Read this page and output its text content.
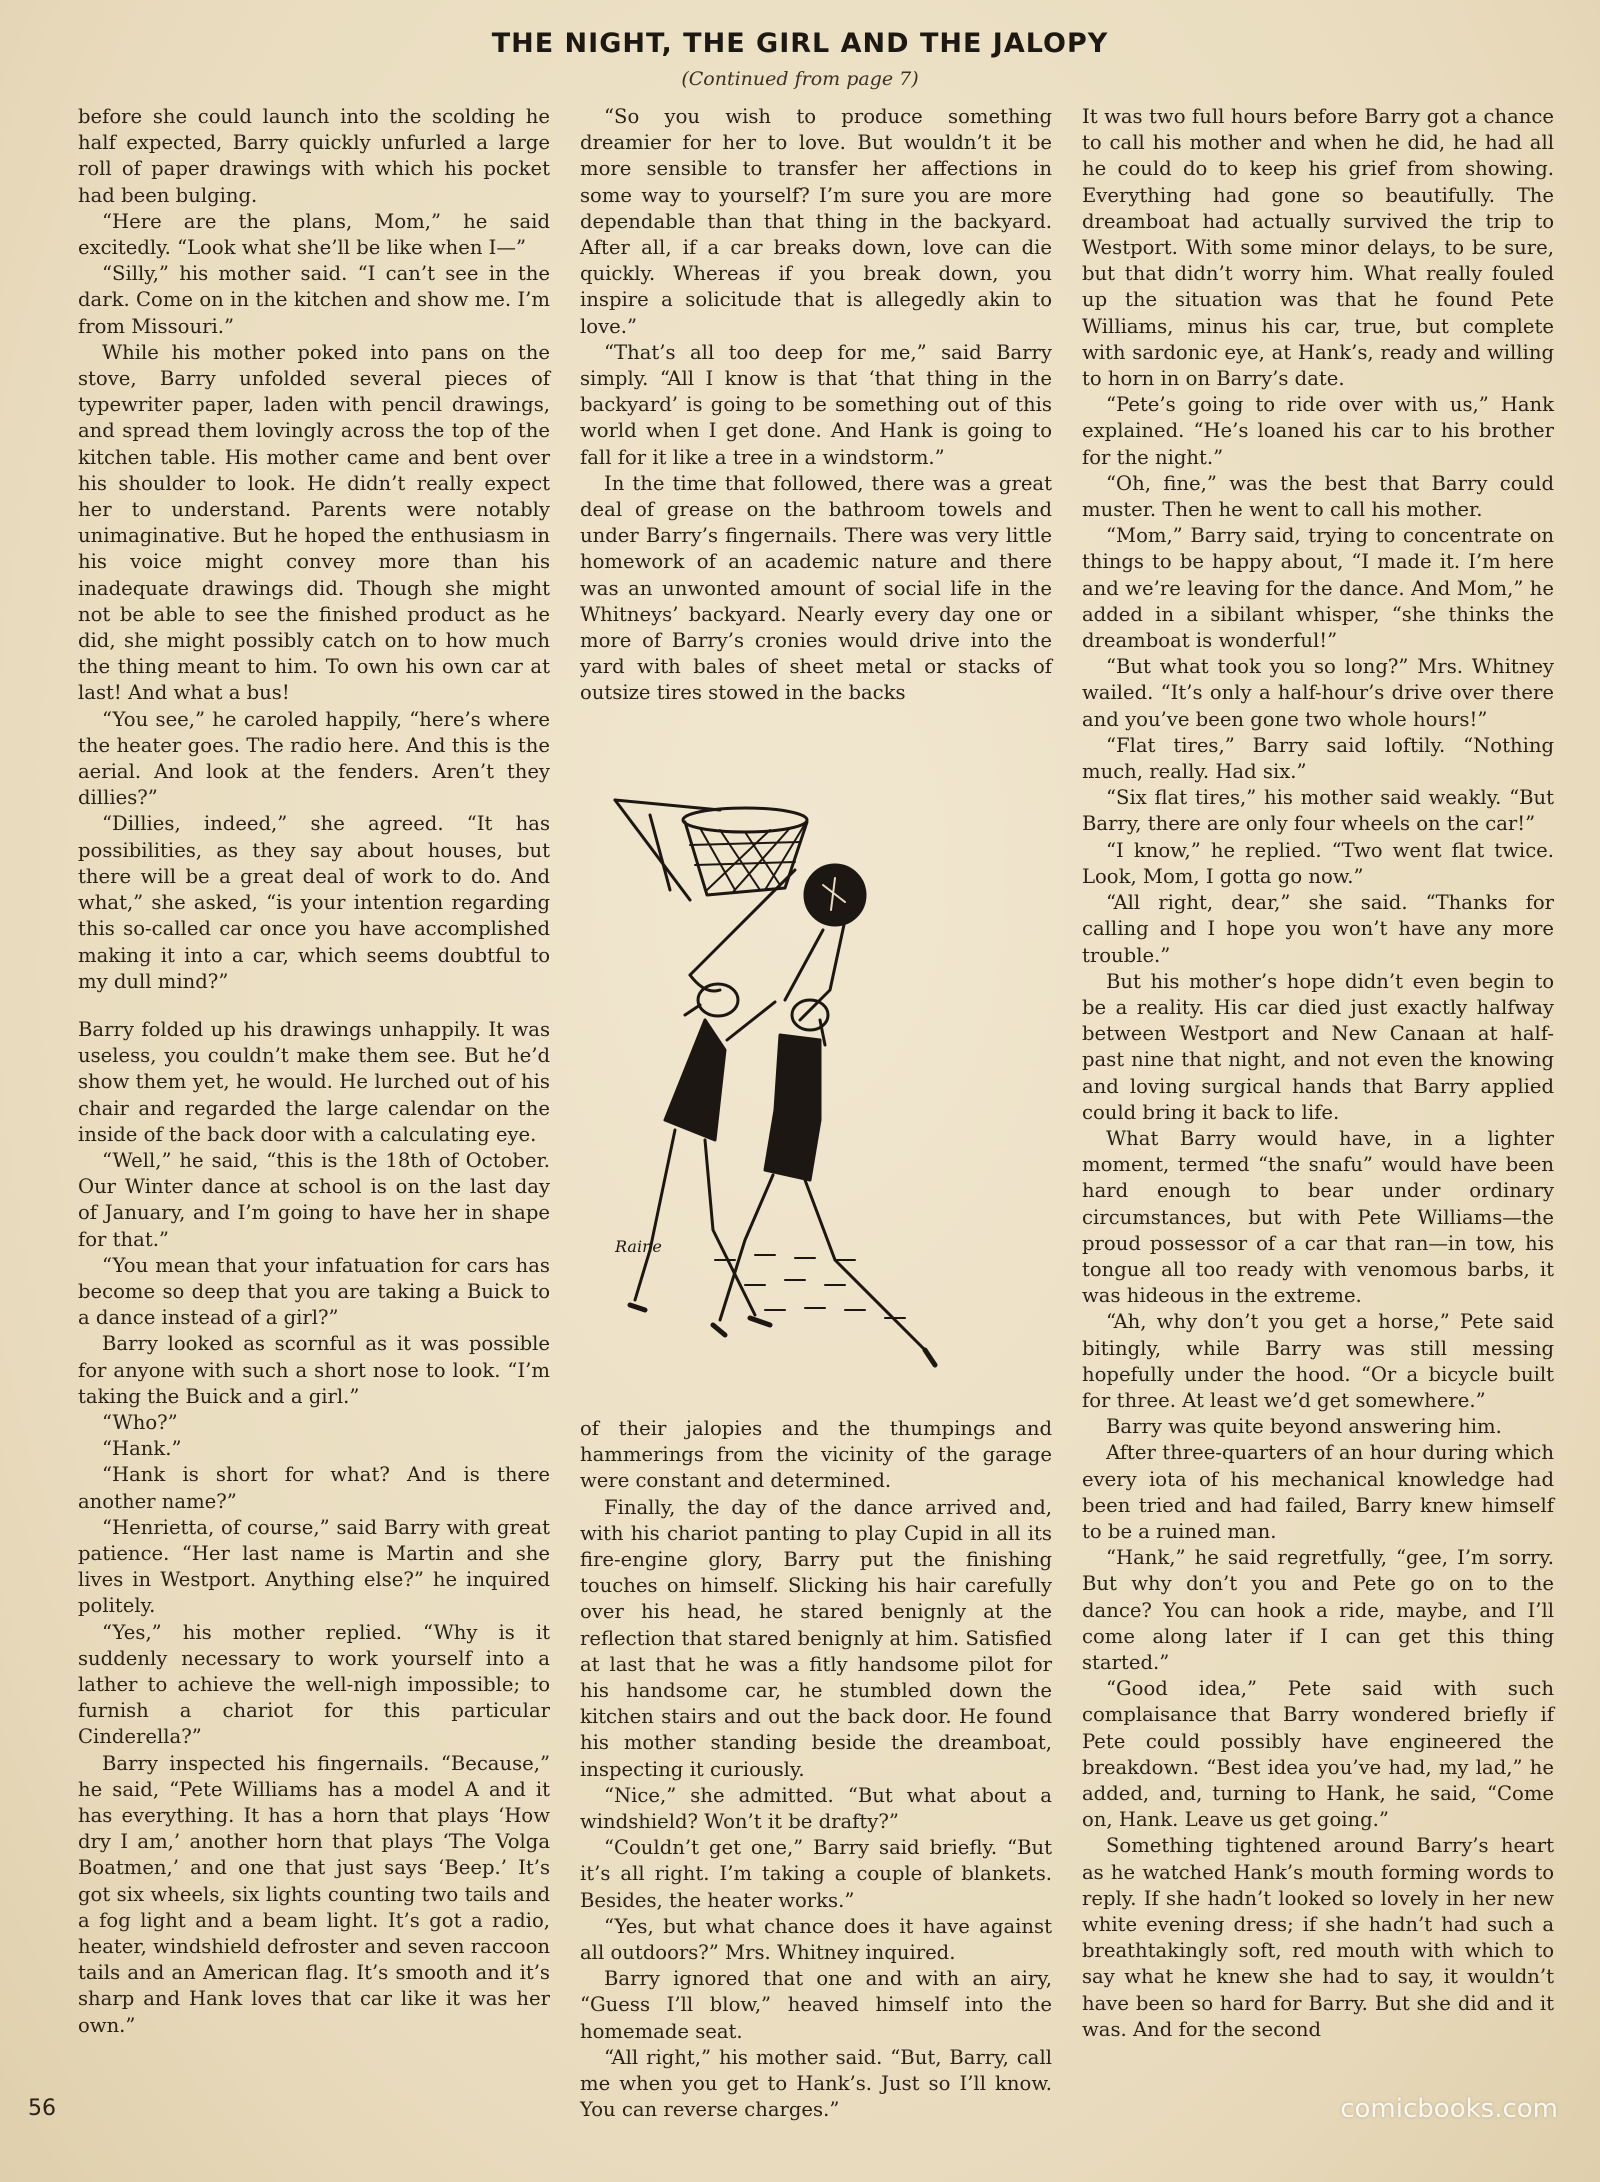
THE NIGHT, THE GIRL AND THE JALOPY
(Continued from page 7)

before she could launch into the scolding he half expected, Barry quickly unfurled a large roll of paper drawings with which his pocket had been bulging.

“Here are the plans, Mom,” he said excitedly. “Look what she’ll be like when I—”

“Silly,” his mother said. “I can’t see in the dark. Come on in the kitchen and show me. I’m from Missouri.”

While his mother poked into pans on the stove, Barry unfolded several pieces of typewriter paper, laden with pencil drawings, and spread them lovingly across the top of the kitchen table. His mother came and bent over his shoulder to look. He didn’t really expect her to understand. Parents were notably unimaginative. But he hoped the enthusiasm in his voice might convey more than his inadequate drawings did. Though she might not be able to see the finished product as he did, she might possibly catch on to how much the thing meant to him. To own his own car at last! And what a bus!

“You see,” he caroled happily, “here’s where the heater goes. The radio here. And this is the aerial. And look at the fenders. Aren’t they dillies?”

“Dillies, indeed,” she agreed. “It has possibilities, as they say about houses, but there will be a great deal of work to do. And what,” she asked, “is your intention regarding this so-called car once you have accomplished making it into a car, which seems doubtful to my dull mind?”

Barry folded up his drawings unhappily. It was useless, you couldn’t make them see. But he’d show them yet, he would. He lurched out of his chair and regarded the large calendar on the inside of the back door with a calculating eye.

“Well,” he said, “this is the 18th of October. Our Winter dance at school is on the last day of January, and I’m going to have her in shape for that.”

“You mean that your infatuation for cars has become so deep that you are taking a Buick to a dance instead of a girl?”

Barry looked as scornful as it was possible for anyone with such a short nose to look. “I’m taking the Buick and a girl.”

“Who?”

“Hank.”

“Hank is short for what? And is there another name?”

“Henrietta, of course,” said Barry with great patience. “Her last name is Martin and she lives in Westport. Anything else?” he inquired politely.

“Yes,” his mother replied. “Why is it suddenly necessary to work yourself into a lather to achieve the well-nigh impossible; to furnish a chariot for this particular Cinderella?”

Barry inspected his fingernails. “Because,” he said, “Pete Williams has a model A and it has everything. It has a horn that plays ‘How dry I am,’ another horn that plays ‘The Volga Boatmen,’ and one that just says ‘Beep.’ It’s got six wheels, six lights counting two tails and a fog light and a beam light. It’s got a radio, heater, windshield defroster and seven raccoon tails and an American flag. It’s smooth and it’s sharp and Hank loves that car like it was her own.”

“So you wish to produce something dreamier for her to love. But wouldn’t it be more sensible to transfer her affections in some way to yourself? I’m sure you are more dependable than that thing in the backyard. After all, if a car breaks down, love can die quickly. Whereas if you break down, you inspire a solicitude that is allegedly akin to love.”

“That’s all too deep for me,” said Barry simply. “All I know is that ‘that thing in the backyard’ is going to be something out of this world when I get done. And Hank is going to fall for it like a tree in a windstorm.”

In the time that followed, there was a great deal of grease on the bathroom towels and under Barry’s fingernails. There was very little homework of an academic nature and there was an unwonted amount of social life in the Whitneys’ backyard. Nearly every day one or more of Barry’s cronies would drive into the yard with bales of sheet metal or stacks of outsize tires stowed in the backs

Raine

of their jalopies and the thumpings and hammerings from the vicinity of the garage were constant and determined.

Finally, the day of the dance arrived and, with his chariot panting to play Cupid in all its fire-engine glory, Barry put the finishing touches on himself. Slicking his hair carefully over his head, he stared benignly at the reflection that stared benignly at him. Satisfied at last that he was a fitly handsome pilot for his handsome car, he stumbled down the kitchen stairs and out the back door. He found his mother standing beside the dreamboat, inspecting it curiously.

“Nice,” she admitted. “But what about a windshield? Won’t it be drafty?”

“Couldn’t get one,” Barry said briefly. “But it’s all right. I’m taking a couple of blankets. Besides, the heater works.”

“Yes, but what chance does it have against all outdoors?” Mrs. Whitney inquired.

Barry ignored that one and with an airy, “Guess I’ll blow,” heaved himself into the homemade seat.

“All right,” his mother said. “But, Barry, call me when you get to Hank’s. Just so I’ll know. You can reverse charges.”

It was two full hours before Barry got a chance to call his mother and when he did, he had all he could do to keep his grief from showing. Everything had gone so beautifully. The dreamboat had actually survived the trip to Westport. With some minor delays, to be sure, but that didn’t worry him. What really fouled up the situation was that he found Pete Williams, minus his car, true, but complete with sardonic eye, at Hank’s, ready and willing to horn in on Barry’s date.

“Pete’s going to ride over with us,” Hank explained. “He’s loaned his car to his brother for the night.”

“Oh, fine,” was the best that Barry could muster. Then he went to call his mother.

“Mom,” Barry said, trying to concentrate on things to be happy about, “I made it. I’m here and we’re leaving for the dance. And Mom,” he added in a sibilant whisper, “she thinks the dreamboat is wonderful!”

“But what took you so long?” Mrs. Whitney wailed. “It’s only a half-hour’s drive over there and you’ve been gone two whole hours!”

“Flat tires,” Barry said loftily. “Nothing much, really. Had six.”

“Six flat tires,” his mother said weakly. “But Barry, there are only four wheels on the car!”

“I know,” he replied. “Two went flat twice. Look, Mom, I gotta go now.”

“All right, dear,” she said. “Thanks for calling and I hope you won’t have any more trouble.”

But his mother’s hope didn’t even begin to be a reality. His car died just exactly halfway between Westport and New Canaan at half-past nine that night, and not even the knowing and loving surgical hands that Barry applied could bring it back to life.

What Barry would have, in a lighter moment, termed “the snafu” would have been hard enough to bear under ordinary circumstances, but with Pete Williams—the proud possessor of a car that ran—in tow, his tongue all too ready with venomous barbs, it was hideous in the extreme.

“Ah, why don’t you get a horse,” Pete said bitingly, while Barry was still messing hopefully under the hood. “Or a bicycle built for three. At least we’d get somewhere.”

Barry was quite beyond answering him.

After three-quarters of an hour during which every iota of his mechanical knowledge had been tried and had failed, Barry knew himself to be a ruined man.

“Hank,” he said regretfully, “gee, I’m sorry. But why don’t you and Pete go on to the dance? You can hook a ride, maybe, and I’ll come along later if I can get this thing started.”

“Good idea,” Pete said with such complaisance that Barry wondered briefly if Pete could possibly have engineered the breakdown. “Best idea you’ve had, my lad,” he added, and, turning to Hank, he said, “Come on, Hank. Leave us get going.”

Something tightened around Barry’s heart as he watched Hank’s mouth forming words to reply. If she hadn’t looked so lovely in her new white evening dress; if she hadn’t had such a breathtakingly soft, red mouth with which to say what he knew she had to say, it wouldn’t have been so hard for Barry. But she did and it was. And for the second

56	comicbooks.com
